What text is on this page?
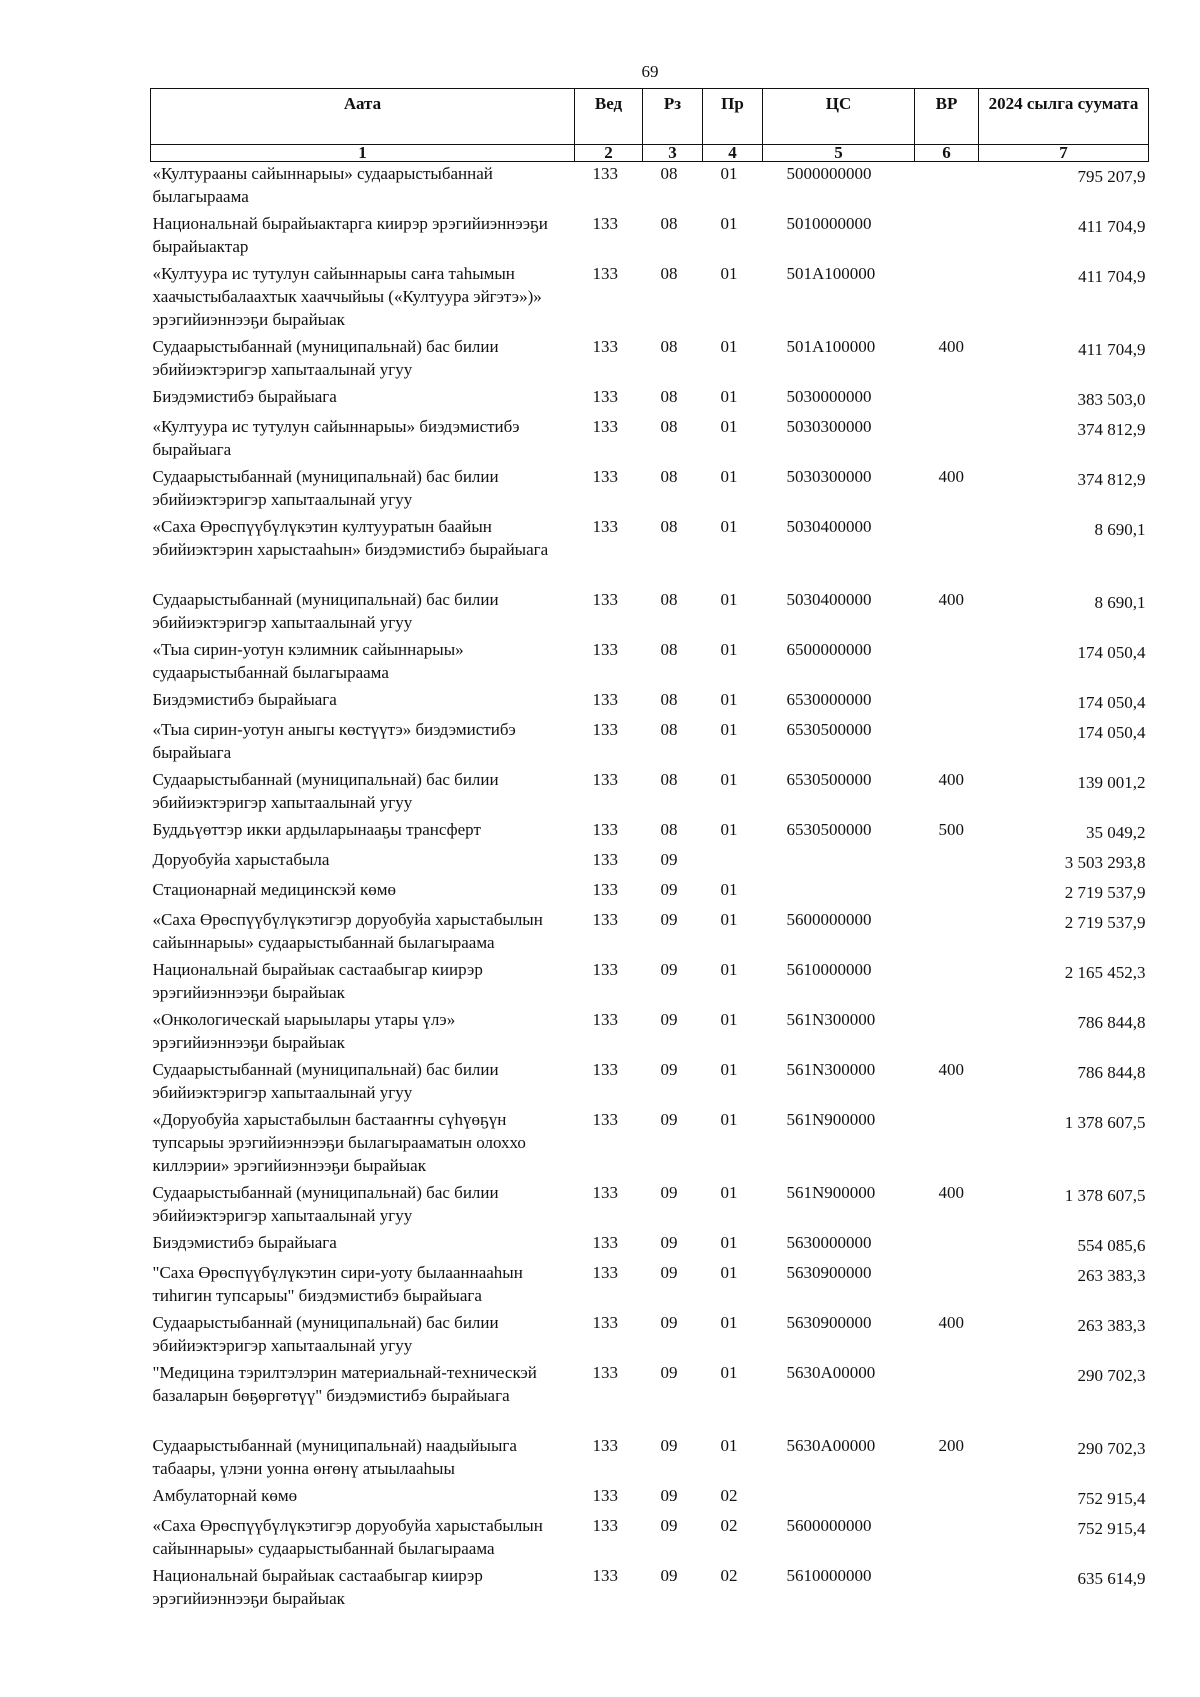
69
Аата	Вед	Рз	Пр	ЦС	ВР	2024 сылга суумата
1	2	3	4	5	6	7
«Културааны сайыннарыы» судаарыстыбаннай былагыраама	133	08	01	5000000000		795 207,9
Национальнай бырайыактарга киирэр эрэгийиэннээҕи бырайыактар	133	08	01	5010000000		411 704,9
«Култуура ис тутулун сайыннарыы саҥа таһымын хаачыстыбалаахтык хааччыйыы («Култуура эйгэтэ»)» эрэгийиэннээҕи бырайыак	133	08	01	501A100000		411 704,9
Судаарыстыбаннай (муниципальнай) бас билии эбийиэктэригэр хапытаалынай угуу	133	08	01	501A100000	400	411 704,9
Биэдэмистибэ бырайыага	133	08	01	5030000000		383 503,0
«Култуура ис тутулун сайыннарыы» биэдэмистибэ бырайыага	133	08	01	5030300000		374 812,9
Судаарыстыбаннай (муниципальнай) бас билии эбийиэктэригэр хапытаалынай угуу	133	08	01	5030300000	400	374 812,9
«Саха Өрөспүүбүлүкэтин култууратын баайын эбийиэктэрин харыстааһын» биэдэмистибэ бырайыага	133	08	01	5030400000		8 690,1
Судаарыстыбаннай (муниципальнай) бас билии эбийиэктэригэр хапытаалынай угуу	133	08	01	5030400000	400	8 690,1
«Тыа сирин-уотун кэлимник сайыннарыы» судаарыстыбаннай былагыраама	133	08	01	6500000000		174 050,4
Биэдэмистибэ бырайыага	133	08	01	6530000000		174 050,4
«Тыа сирин-уотун аныгы көстүүтэ» биэдэмистибэ бырайыага	133	08	01	6530500000		174 050,4
Судаарыстыбаннай (муниципальнай) бас билии эбийиэктэригэр хапытаалынай угуу	133	08	01	6530500000	400	139 001,2
Буддьүөттэр икки ардыларынааҕы трансферт	133	08	01	6530500000	500	35 049,2
Доруобуйа харыстабыла	133	09				3 503 293,8
Стационарнай медицинскэй көмө	133	09	01			2 719 537,9
«Саха Өрөспүүбүлүкэтигэр доруобуйа харыстабылын сайыннарыы» судаарыстыбаннай былагыраама	133	09	01	5600000000		2 719 537,9
Национальнай бырайыак састаабыгар киирэр эрэгийиэннээҕи бырайыак	133	09	01	5610000000		2 165 452,3
«Онкологическай ыарыылары утары үлэ» эрэгийиэннээҕи бырайыак	133	09	01	561N300000		786 844,8
Судаарыстыбаннай (муниципальнай) бас билии эбийиэктэригэр хапытаалынай угуу	133	09	01	561N300000	400	786 844,8
«Доруобуйа харыстабылын бастааҥҥы сүһүөҕүн тупсарыы эрэгийиэннээҕи былагырааматын олоххо киллэрии» эрэгийиэннээҕи бырайыак	133	09	01	561N900000		1 378 607,5
Судаарыстыбаннай (муниципальнай) бас билии эбийиэктэригэр хапытаалынай угуу	133	09	01	561N900000	400	1 378 607,5
Биэдэмистибэ бырайыага	133	09	01	5630000000		554 085,6
"Саха Өрөспүүбүлүкэтин сири-уоту былааннааһын тиһигин тупсарыы" биэдэмистибэ бырайыага	133	09	01	5630900000		263 383,3
Судаарыстыбаннай (муниципальнай) бас билии эбийиэктэригэр хапытаалынай угуу	133	09	01	5630900000	400	263 383,3
"Медицина тэрилтэлэрин материальнай-техническэй базаларын бөҕөргөтүү" биэдэмистибэ бырайыага	133	09	01	5630A00000		290 702,3
Судаарыстыбаннай (муниципальнай) наадыйыыга табаары, үлэни уонна өҥөнү атыылааһыы	133	09	01	5630A00000	200	290 702,3
Амбулаторнай көмө	133	09	02			752 915,4
«Саха Өрөспүүбүлүкэтигэр доруобуйа харыстабылын сайыннарыы» судаарыстыбаннай былагыраама	133	09	02	5600000000		752 915,4
Национальнай бырайыак састаабыгар киирэр эрэгийиэннээҕи бырайыак	133	09	02	5610000000		635 614,9
